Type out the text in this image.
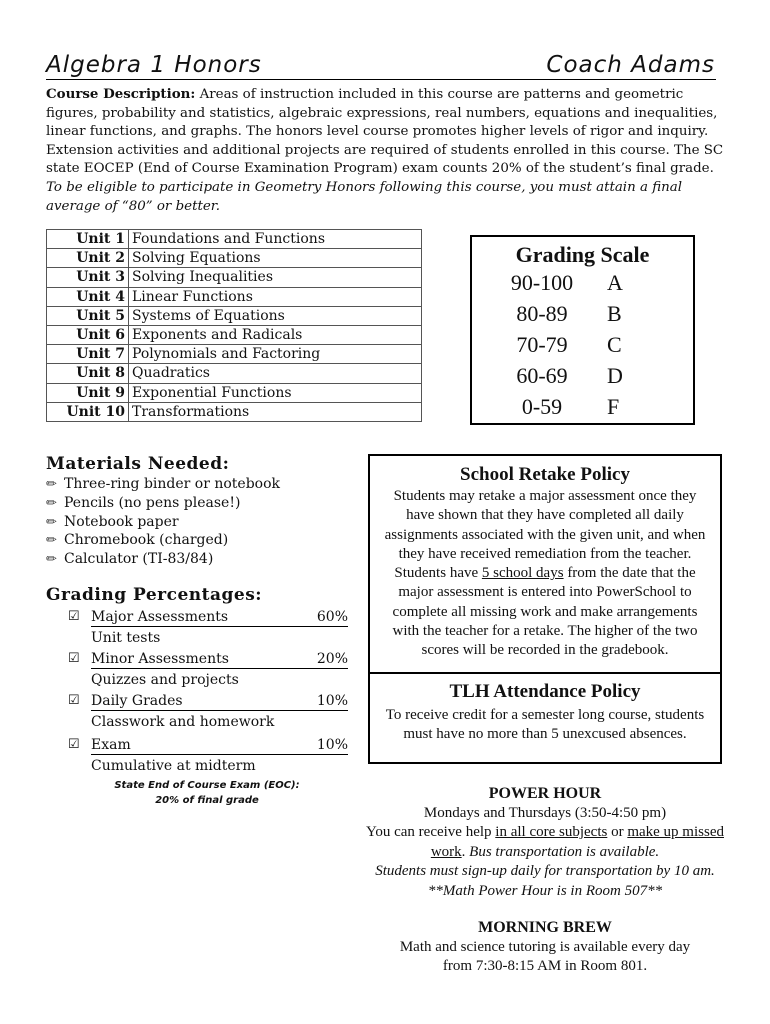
Algebra 1 Honors	Coach Adams
Course Description: Areas of instruction included in this course are patterns and geometric figures, probability and statistics, algebraic expressions, real numbers, equations and inequalities, linear functions, and graphs. The honors level course promotes higher levels of rigor and inquiry. Extension activities and additional projects are required of students enrolled in this course. The SC state EOCEP (End of Course Examination Program) exam counts 20% of the student’s final grade. To be eligible to participate in Geometry Honors following this course, you must attain a final average of “80” or better.
Unit 1	Foundations and Functions
Unit 2	Solving Equations
Unit 3	Solving Inequalities
Unit 4	Linear Functions
Unit 5	Systems of Equations
Unit 6	Exponents and Radicals
Unit 7	Polynomials and Factoring
Unit 8	Quadratics
Unit 9	Exponential Functions
Unit 10	Transformations
Grading Scale
90-100	A
80-89	B
70-79	C
60-69	D
0-59	F
Materials Needed:
✏ Three-ring binder or notebook
✏ Pencils (no pens please!)
✏ Notebook paper
✏ Chromebook (charged)
✏ Calculator (TI-83/84)
Grading Percentages:
☑ Major Assessments	60%
Unit tests
☑ Minor Assessments	20%
Quizzes and projects
☑ Daily Grades	10%
Classwork and homework
☑ Exam	10%
Cumulative at midterm
State End of Course Exam (EOC):
20% of final grade
School Retake Policy
Students may retake a major assessment once they have shown that they have completed all daily assignments associated with the given unit, and when they have received remediation from the teacher. Students have 5 school days from the date that the major assessment is entered into PowerSchool to complete all missing work and make arrangements with the teacher for a retake. The higher of the two scores will be recorded in the gradebook.
TLH Attendance Policy
To receive credit for a semester long course, students must have no more than 5 unexcused absences.
POWER HOUR
Mondays and Thursdays (3:50-4:50 pm)
You can receive help in all core subjects or make up missed work. Bus transportation is available.
Students must sign-up daily for transportation by 10 am.
**Math Power Hour is in Room 507**
MORNING BREW
Math and science tutoring is available every day
from 7:30-8:15 AM in Room 801.
